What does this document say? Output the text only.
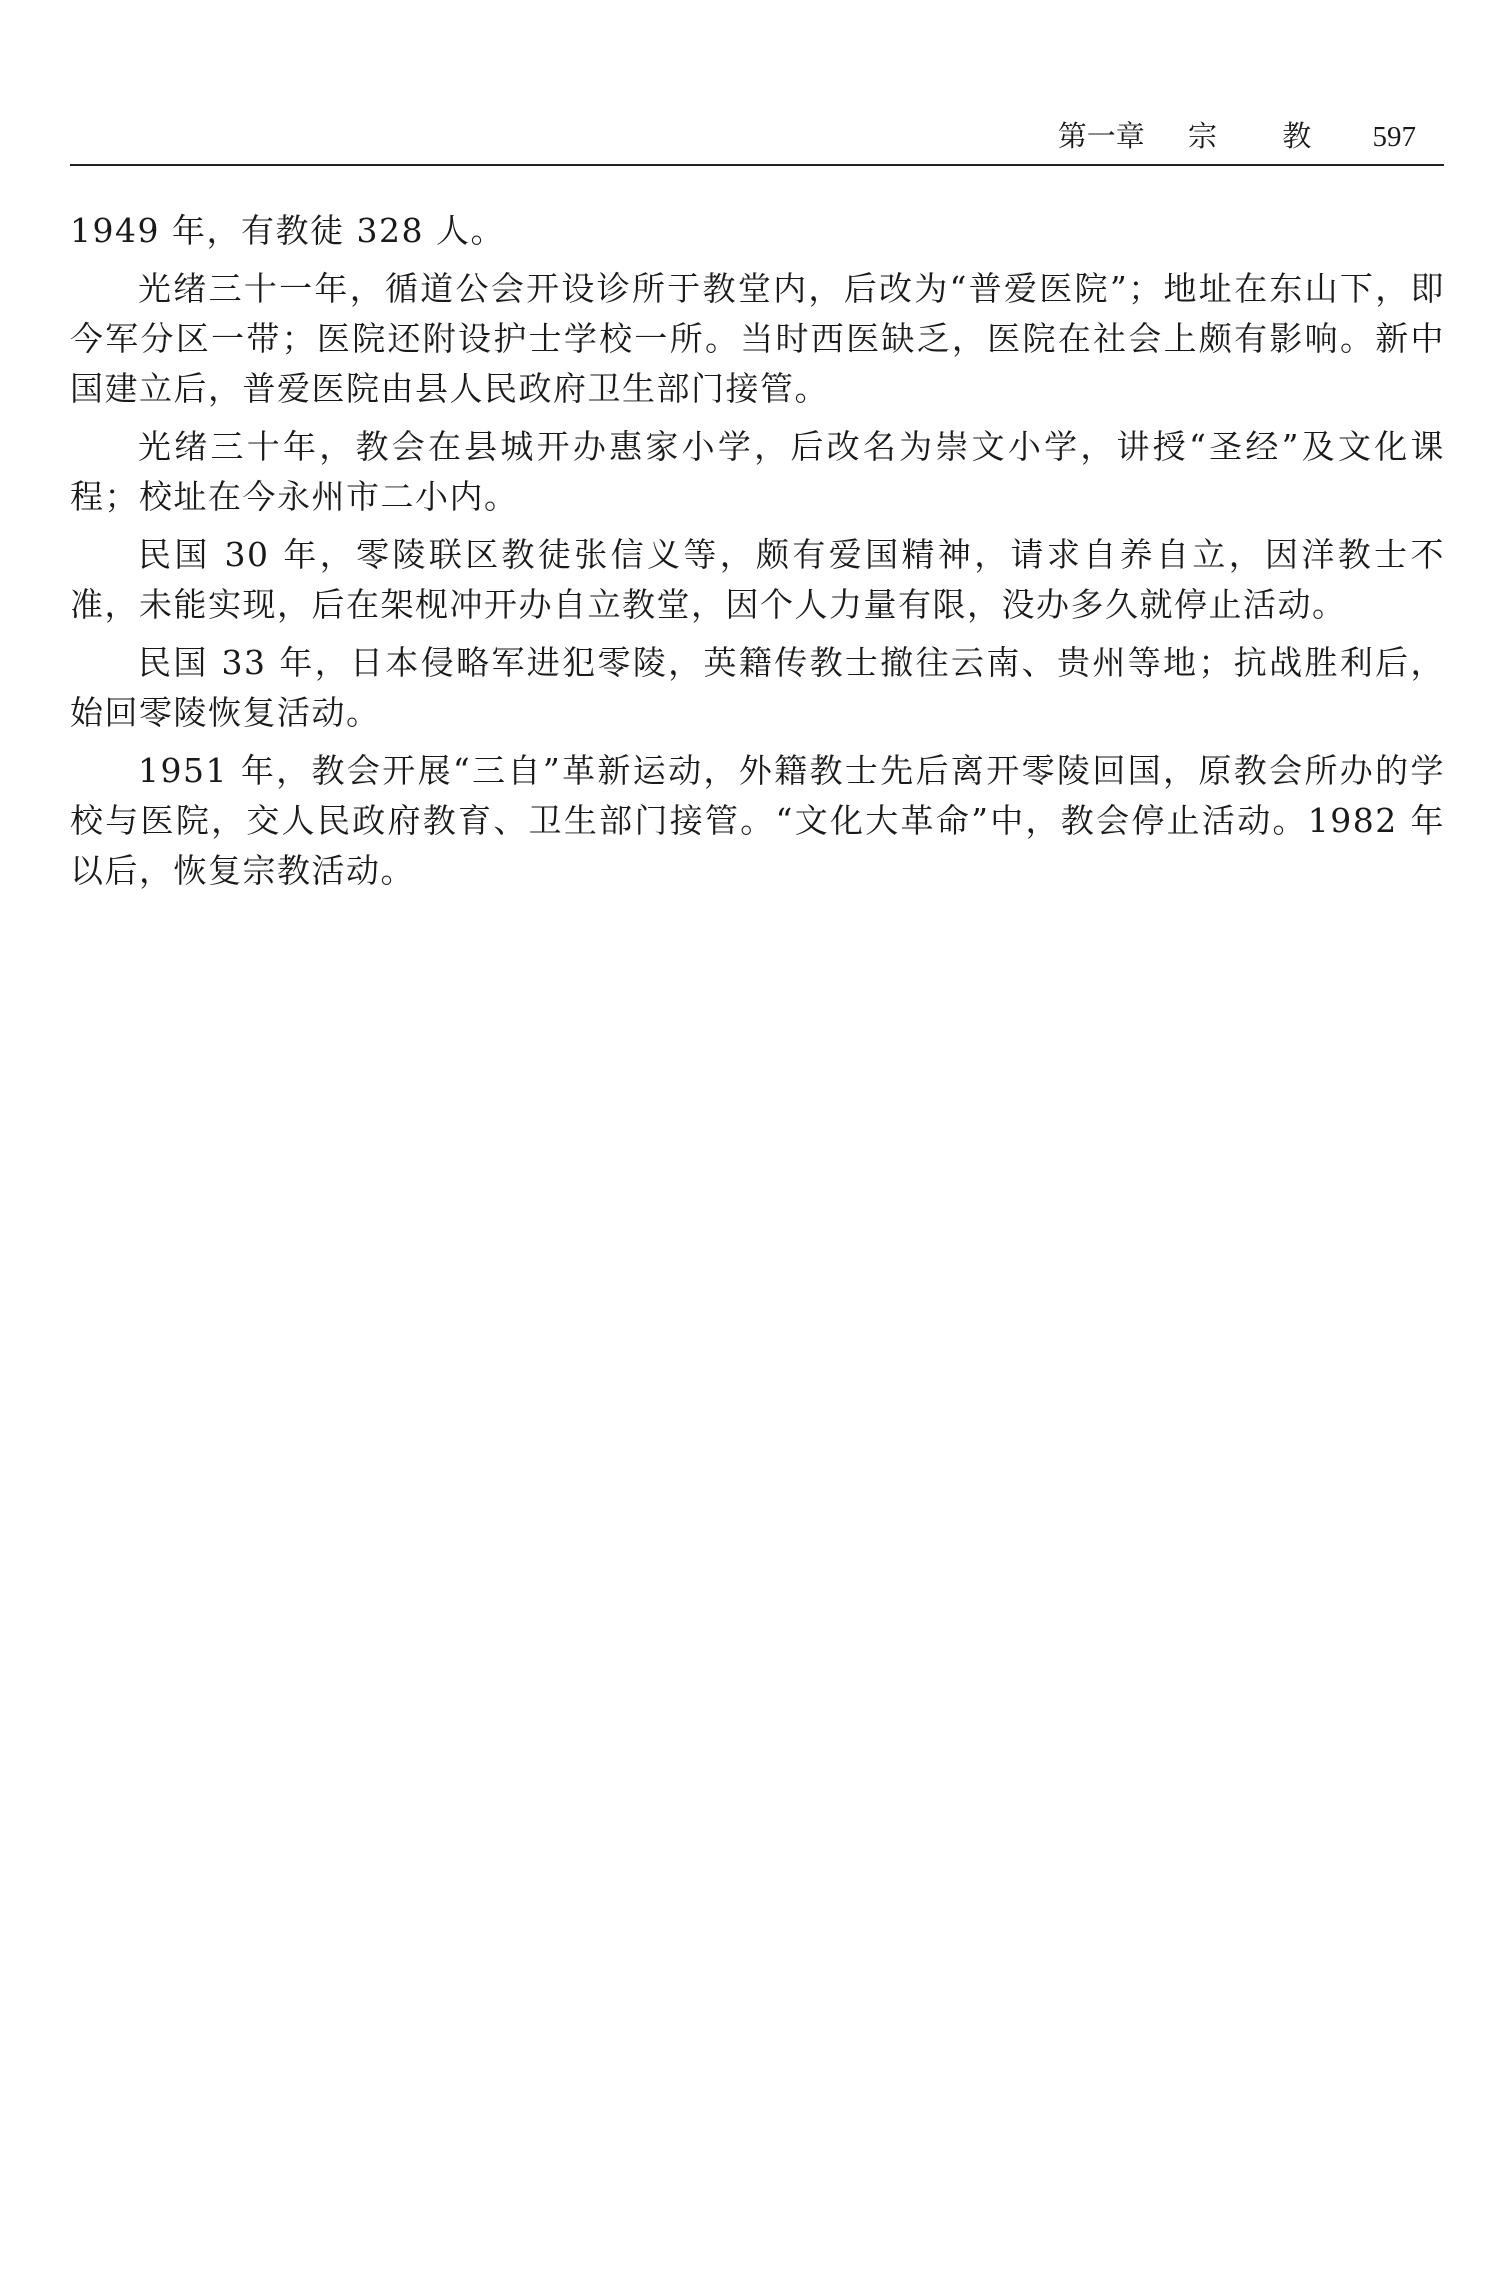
第一章 宗 教 597

1949 年，有教徒 328 人。

光绪三十一年，循道公会开设诊所于教堂内，后改为“普爱医院”；地址在东山下，即今军分区一带；医院还附设护士学校一所。当时西医缺乏，医院在社会上颇有影响。新中国建立后，普爱医院由县人民政府卫生部门接管。

光绪三十年，教会在县城开办惠家小学，后改名为崇文小学，讲授“圣经”及文化课程；校址在今永州市二小内。

民国 30 年，零陵联区教徒张信义等，颇有爱国精神，请求自养自立，因洋教士不准，未能实现，后在架枧冲开办自立教堂，因个人力量有限，没办多久就停止活动。

民国 33 年，日本侵略军进犯零陵，英籍传教士撤往云南、贵州等地；抗战胜利后，始回零陵恢复活动。

1951 年，教会开展“三自”革新运动，外籍教士先后离开零陵回国，原教会所办的学校与医院，交人民政府教育、卫生部门接管。“文化大革命”中，教会停止活动。1982 年以后，恢复宗教活动。
